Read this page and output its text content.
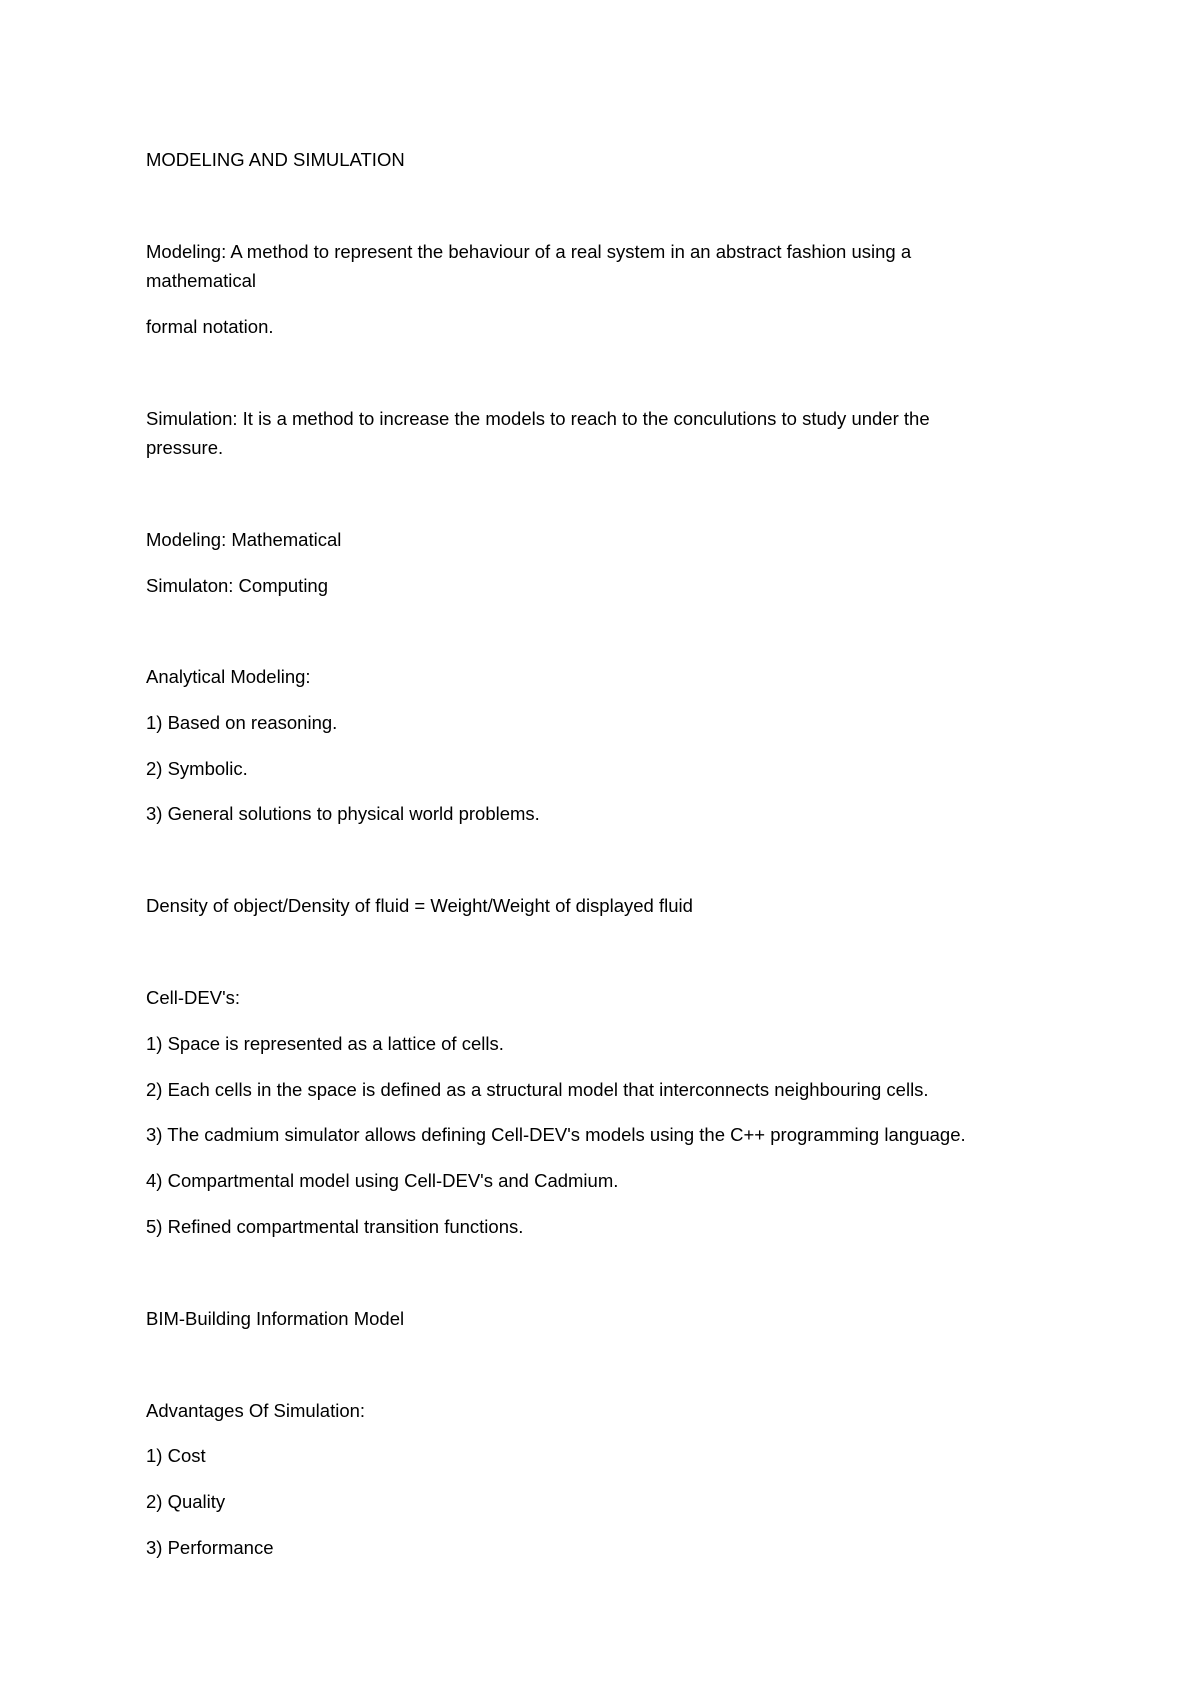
MODELING AND SIMULATION

Modeling: A method to represent the behaviour of a real system in an abstract fashion using a

mathematical

formal notation.

Simulation: It is a method to increase the models to reach to the conculutions to study under the

pressure.

Modeling: Mathematical

Simulaton: Computing

Analytical Modeling:

1) Based on reasoning.

2) Symbolic.

3) General solutions to physical world problems.

Density of object/Density of fluid = Weight/Weight of displayed fluid

Cell-DEV's:

1) Space is represented as a lattice of cells.

2) Each cells in the space is defined as a structural model that interconnects neighbouring cells.

3) The cadmium simulator allows defining Cell-DEV's models using the C++ programming language.

4) Compartmental model using Cell-DEV's and Cadmium.

5) Refined compartmental transition functions.

BIM-Building Information Model

Advantages Of Simulation:

1) Cost

2) Quality

3) Performance
